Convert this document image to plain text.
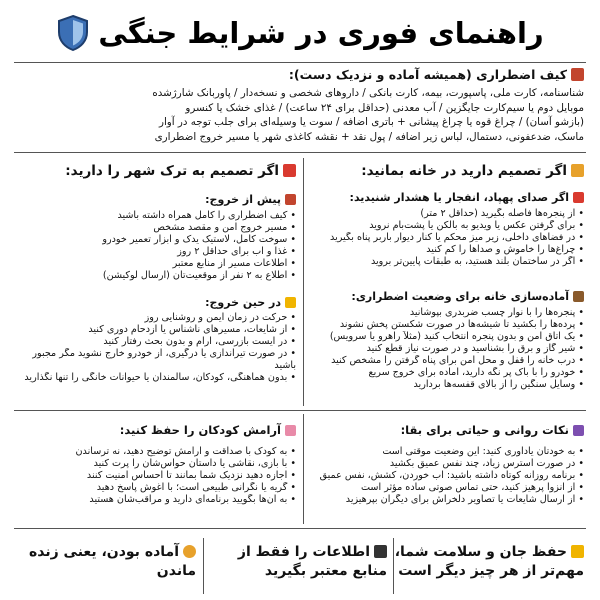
راهنمای فوری در شرایط جنگی
کیف اضطراری (همیشه آماده و نزدیک دست):
شناسنامه، کارت ملی، پاسپورت، بیمه، کارت بانکی / داروهای شخصی و نسخه‌دار / پاوربانک شارژشده
موبایل دوم یا سیم‌کارت جایگزین / آب معدنی (حداقل برای ۲۴ ساعت) / غذای خشک یا کنسرو
(بازشو آسان) / چراغ قوه یا چراغ پیشانی + باتری اضافه / سوت یا وسیله‌ای برای جلب توجه در آوار
ماسک، ضدعفونی، دستمال، لباس زیر اضافه / پول نقد + نقشه کاغذی شهر یا مسیر خروج اضطراری
اگر تصمیم دارید در خانه بمانید:
اگر صدای پهپاد، انفجار یا هشدار شنیدید:
• از پنجره‌ها فاصله بگیرید (حداقل ۲ متر)
• برای گرفتن عکس یا ویدیو به بالکن یا پشت‌بام نروید
• در فضاهای داخلی، زیر میز محکم یا کنار دیوار باربر پناه بگیرید
• چراغ‌ها را خاموش و صداها را کم کنید
• اگر در ساختمان بلند هستید، به طبقات پایین‌تر بروید
آماده‌سازی خانه برای وضعیت اضطراری:
• پنجره‌ها را با نوار چسب ضربدری بپوشانید
• پرده‌ها را بکشید تا شیشه‌ها در صورت شکستن پخش نشوند
• یک اتاق امن و بدون پنجره انتخاب کنید (مثلاً راهرو یا سرویس)
• شیر گاز و برق را بشناسید و در صورت نیاز قطع کنید
• درب خانه را قفل و محل امن برای پناه گرفتن را مشخص کنید
• خودرو را با باک پر نگه دارید، آماده برای خروج سریع
• وسایل سنگین را از بالای قفسه‌ها بردارید
اگر تصمیم به ترک شهر را دارید:
پیش از خروج:
• کیف اضطراری را کامل همراه داشته باشید
• مسیر خروج امن و مقصد مشخص
• سوخت کامل، لاستیک یدک و ابزار تعمیر خودرو
• غذا و آب برای حداقل ۲ روز
• اطلاعات مسیر از منابع معتبر
• اطلاع به ۲ نفر از موقعیت‌تان (ارسال لوکیشن)
در حین خروج:
• حرکت در زمان ایمن و روشنایی روز
• از شایعات، مسیرهای ناشناس یا ازدحام دوری کنید
• در ایست بازرسی، آرام و بدون بحث رفتار کنید
• در صورت تیراندازی یا درگیری، از خودرو خارج نشوید مگر مجبور باشید
• بدون هماهنگی، کودکان، سالمندان یا حیوانات خانگی را تنها نگذارید
نکات روانی و حیاتی برای بقا:
• به خودتان یادآوری کنید: این وضعیت موقتی است
• در صورت استرس زیاد، چند نفس عمیق بکشید
• برنامه روزانه کوتاه داشته باشید: آب خوردن، کشش، نفس عمیق
• از انزوا پرهیز کنید، حتی تماس صوتی ساده مؤثر است
• از ارسال شایعات یا تصاویر دلخراش برای دیگران بپرهیزید
آرامش کودکان را حفظ کنید:
• به کودک با صداقت و آرامش توضیح دهید، نه ترساندن
• با بازی، نقاشی یا داستان حواس‌شان را پرت کنید
• اجازه دهید نزدیک شما بمانند تا احساس امنیت کنند
• گریه یا نگرانی طبیعی است؛ با آغوش پاسخ دهید
• به آن‌ها بگویید برنامه‌ای دارید و مراقب‌شان هستید
حفظ جان و سلامت شما، مهم‌تر از هر چیز دیگر است
اطلاعات را فقط از منابع معتبر بگیرید
آماده بودن، یعنی زنده ماندن
